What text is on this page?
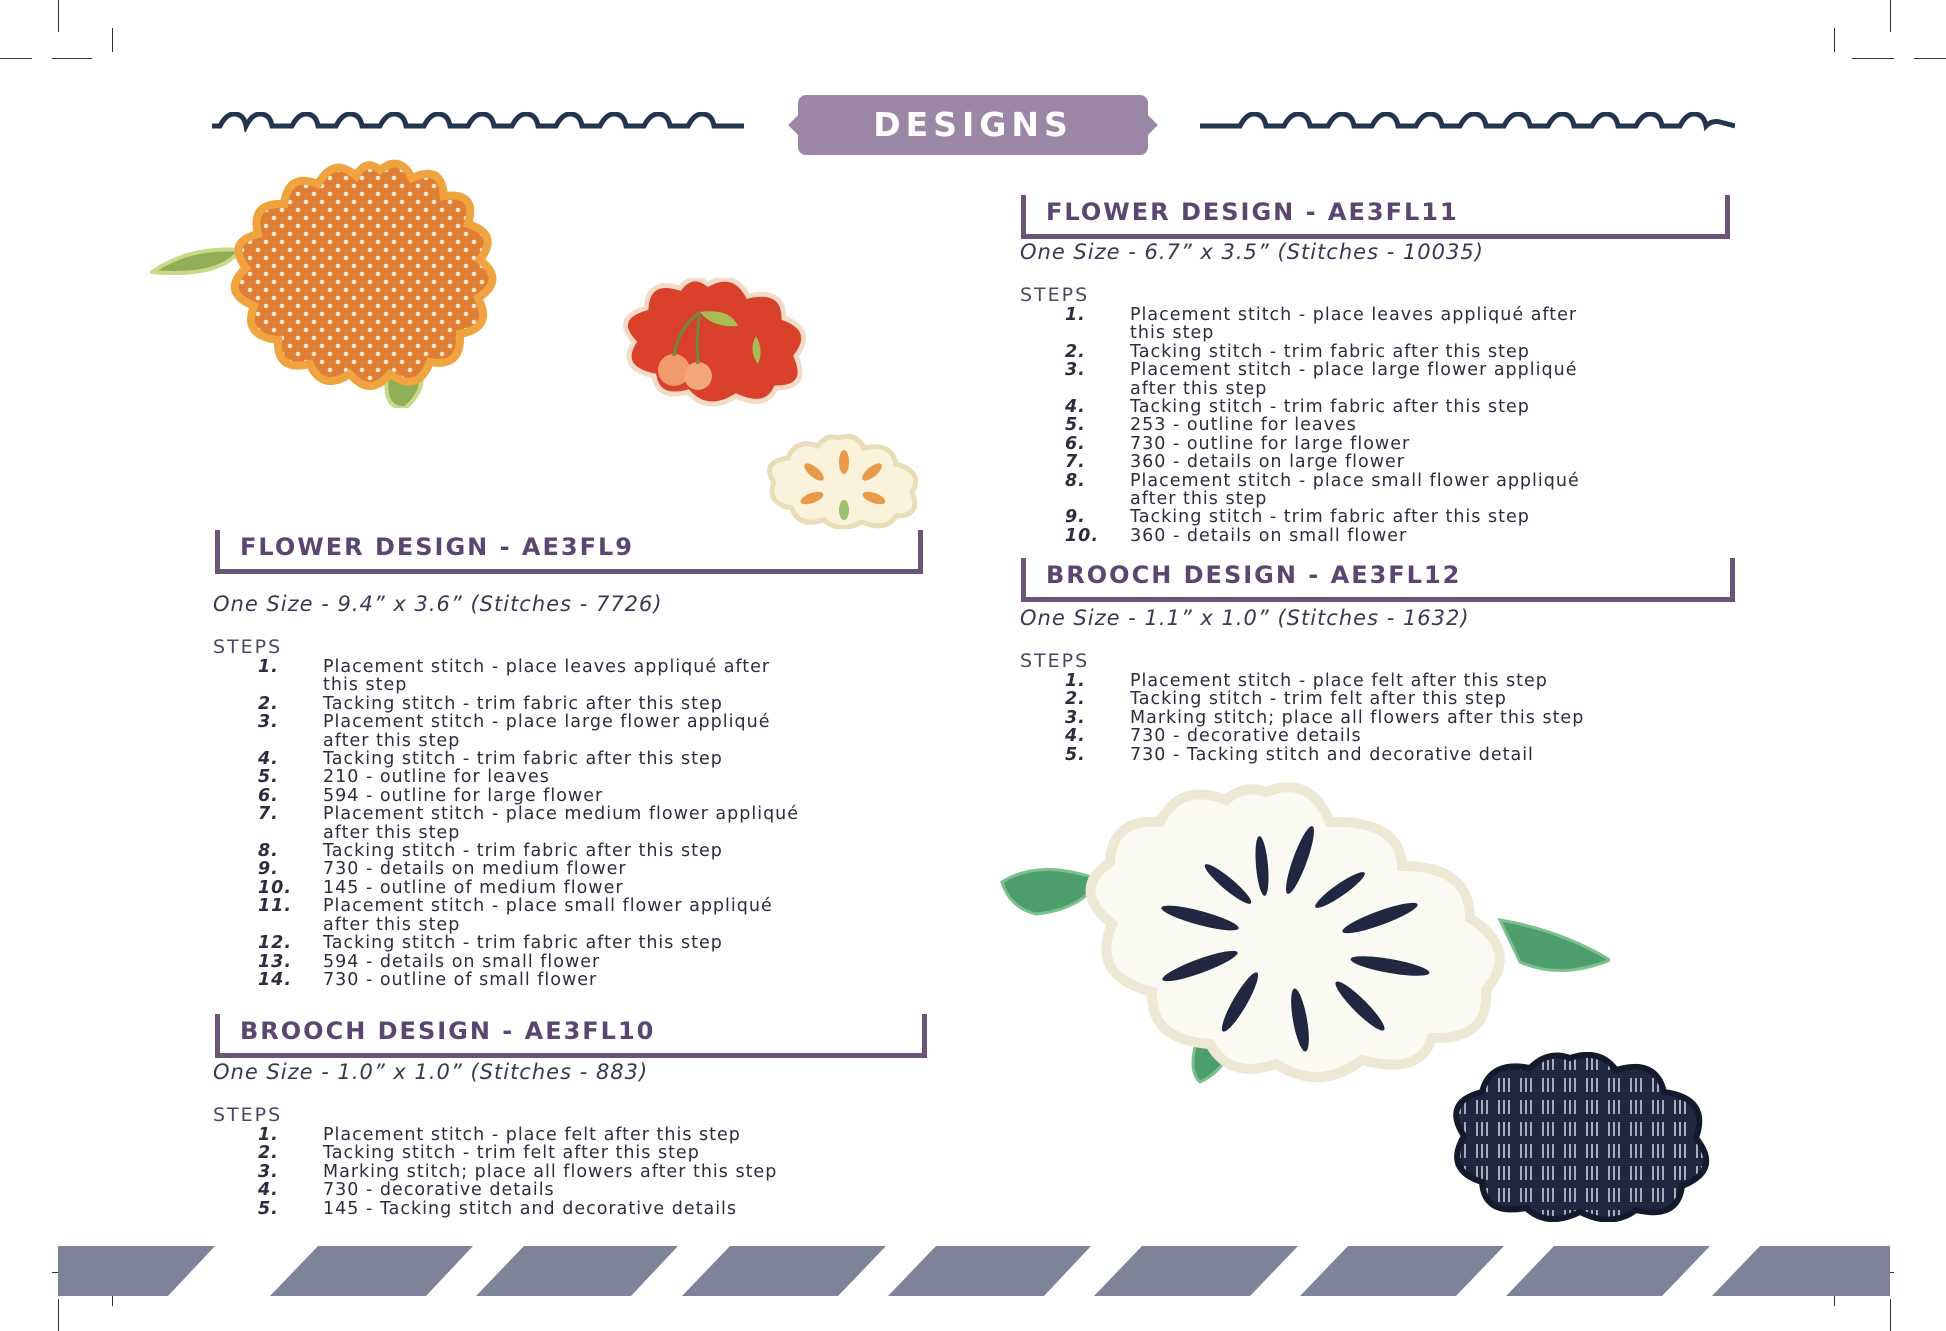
DESIGNS
FLOWER DESIGN - AE3FL9
One Size - 9.4” x 3.6” (Stitches - 7726)
STEPS
1.	Placement stitch - place leaves appliqué after
this step
2.	Tacking stitch - trim fabric after this step
3.	Placement stitch - place large flower appliqué
after this step
4.	Tacking stitch - trim fabric after this step
5.	210 - outline for leaves
6.	594 - outline for large flower
7.	Placement stitch - place medium flower appliqué
after this step
8.	Tacking stitch - trim fabric after this step
9.	730 - details on medium flower
10. 145 - outline of medium flower
11. Placement stitch - place small flower appliqué
after this step
12. Tacking stitch - trim fabric after this step
13. 594 - details on small flower
14. 730 - outline of small flower
BROOCH DESIGN - AE3FL10
One Size - 1.0” x 1.0” (Stitches - 883)
STEPS
1.	Placement stitch - place felt after this step
2.	Tacking stitch - trim felt after this step
3.	Marking stitch; place all flowers after this step
4.	730 - decorative details
5.	145 - Tacking stitch and decorative details
FLOWER DESIGN - AE3FL11
One Size - 6.7” x 3.5” (Stitches - 10035)
STEPS
1.	Placement stitch - place leaves appliqué after
this step
2.	Tacking stitch - trim fabric after this step
3.	Placement stitch - place large flower appliqué
after this step
4.	Tacking stitch - trim fabric after this step
5.	253 - outline for leaves
6.	730 - outline for large flower
7.	360 - details on large flower
8.	Placement stitch - place small flower appliqué
after this step
9.	Tacking stitch - trim fabric after this step
10. 360 - details on small flower
BROOCH DESIGN - AE3FL12
One Size - 1.1” x 1.0” (Stitches - 1632)
STEPS
1.	Placement stitch - place felt after this step
2.	Tacking stitch - trim felt after this step
3.	Marking stitch; place all flowers after this step
4.	730 - decorative details
5.	730 - Tacking stitch and decorative detail
